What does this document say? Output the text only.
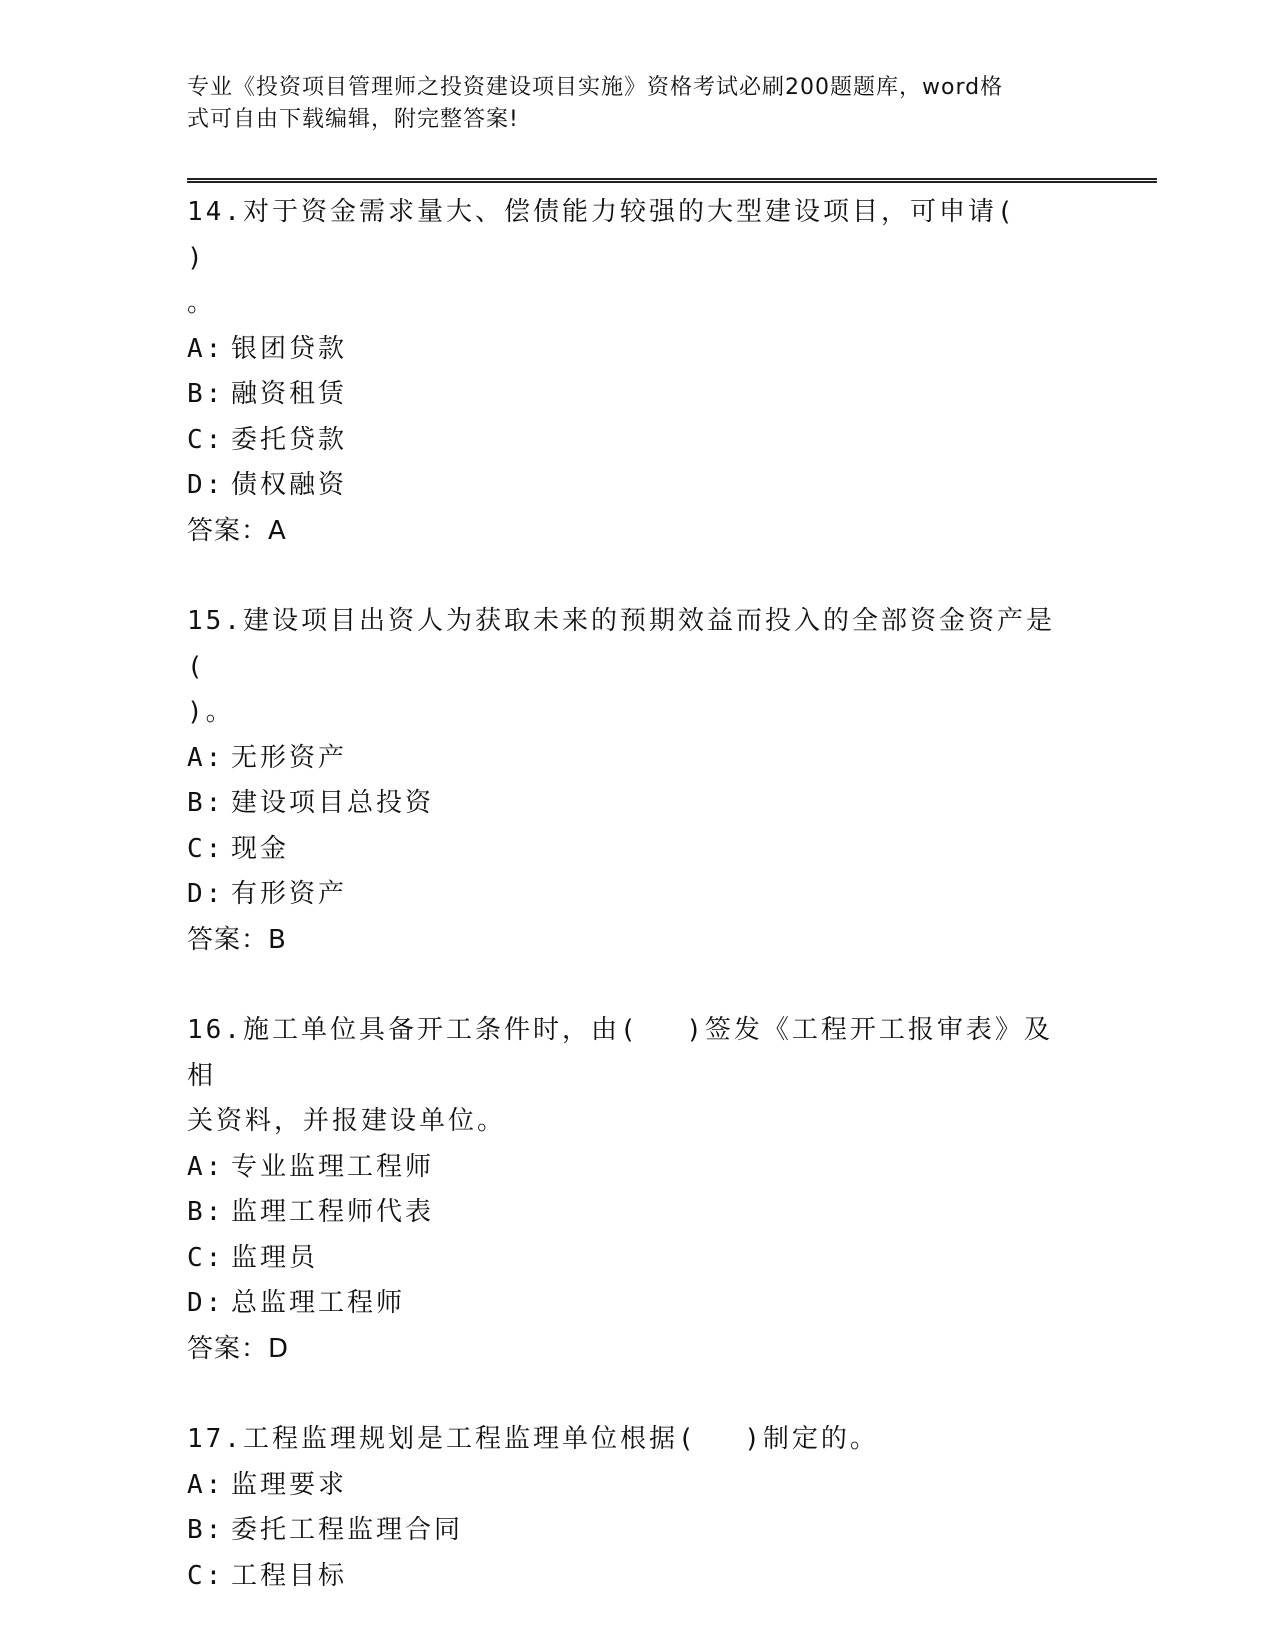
专业《投资项目管理师之投资建设项目实施》资格考试必刷200题题库，word格
式可自由下载编辑，附完整答案!
14.对于资金需求量大、偿债能力较强的大型建设项目，可申请(　 )
。
A: 银团贷款
B: 融资租赁
C: 委托贷款
D: 债权融资
答案：A
15.建设项目出资人为获取未来的预期效益而投入的全部资金资产是(
)。
A: 无形资产
B: 建设项目总投资
C: 现金
D: 有形资产
答案：B
16.施工单位具备开工条件时，由(　 )签发《工程开工报审表》及相
关资料，并报建设单位。
A: 专业监理工程师
B: 监理工程师代表
C: 监理员
D: 总监理工程师
答案：D
17.工程监理规划是工程监理单位根据(　 )制定的。
A: 监理要求
B: 委托工程监理合同
C: 工程目标
